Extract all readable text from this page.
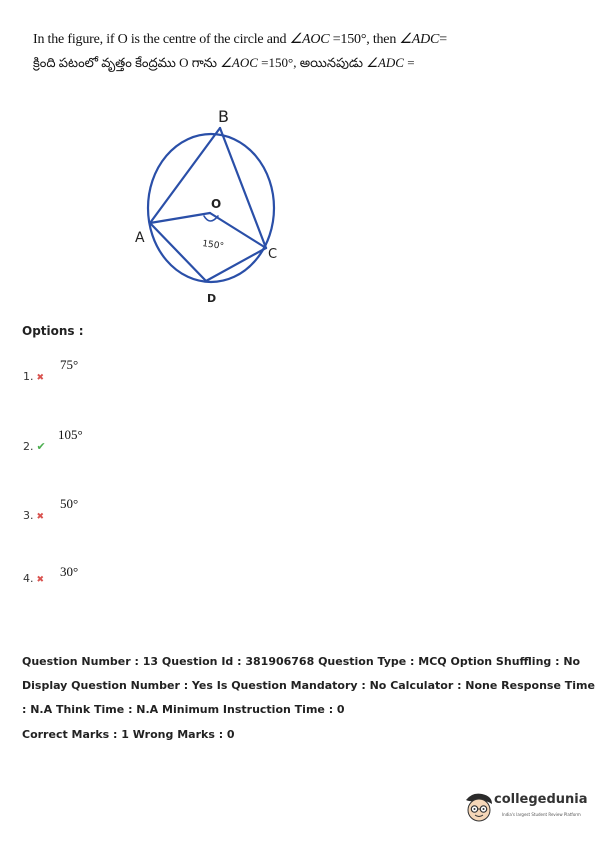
In the figure, if O is the centre of the circle and ∠AOC =150°, then ∠ADC=
క్రింది పటంలో వృత్తం కేంద్రము O గాను ∠AOC =150°, అయినపుడు ∠ADC =
B
O
A
C
D
150°
Options :
1. ✖
75°
2. ✔
105°
3. ✖
50°
4. ✖
30°
Question Number : 13 Question Id : 381906768 Question Type : MCQ Option Shuffling : No
Display Question Number : Yes Is Question Mandatory : No Calculator : None Response Time
: N.A Think Time : N.A Minimum Instruction Time : 0
Correct Marks : 1 Wrong Marks : 0
collegedunia
India's largest Student Review Platform
